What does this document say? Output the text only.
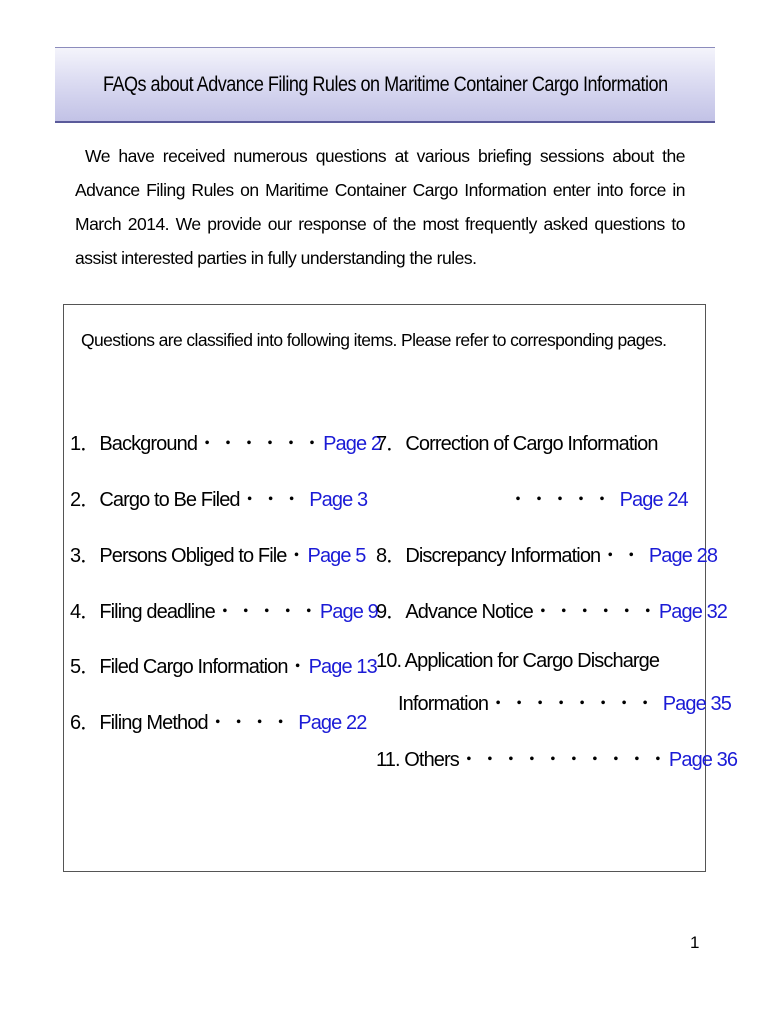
FAQs about Advance Filing Rules on Maritime Container Cargo Information

We have received numerous questions at various briefing sessions about the Advance Filing Rules on Maritime Container Cargo Information enter into force in March 2014. We provide our response of the most frequently asked questions to assist interested parties in fully understanding the rules.

Questions are classified into following items. Please refer to corresponding pages.
1．Background・・・・・・Page 2
2．Cargo to Be Filed・・・ Page 3
3．Persons Obliged to File・Page 5
4．Filing deadline・・・・・Page 9
5．Filed Cargo Information・Page 13
6．Filing Method・・・・ Page 22
7．Correction of Cargo Information
・・・・・ Page 24
8．Discrepancy Information・・ Page 28
9．Advance Notice・・・・・・Page 32
10. Application for Cargo Discharge
Information・・・・・・・・ Page 35
11. Others・・・・・・・・・・Page 36
1
